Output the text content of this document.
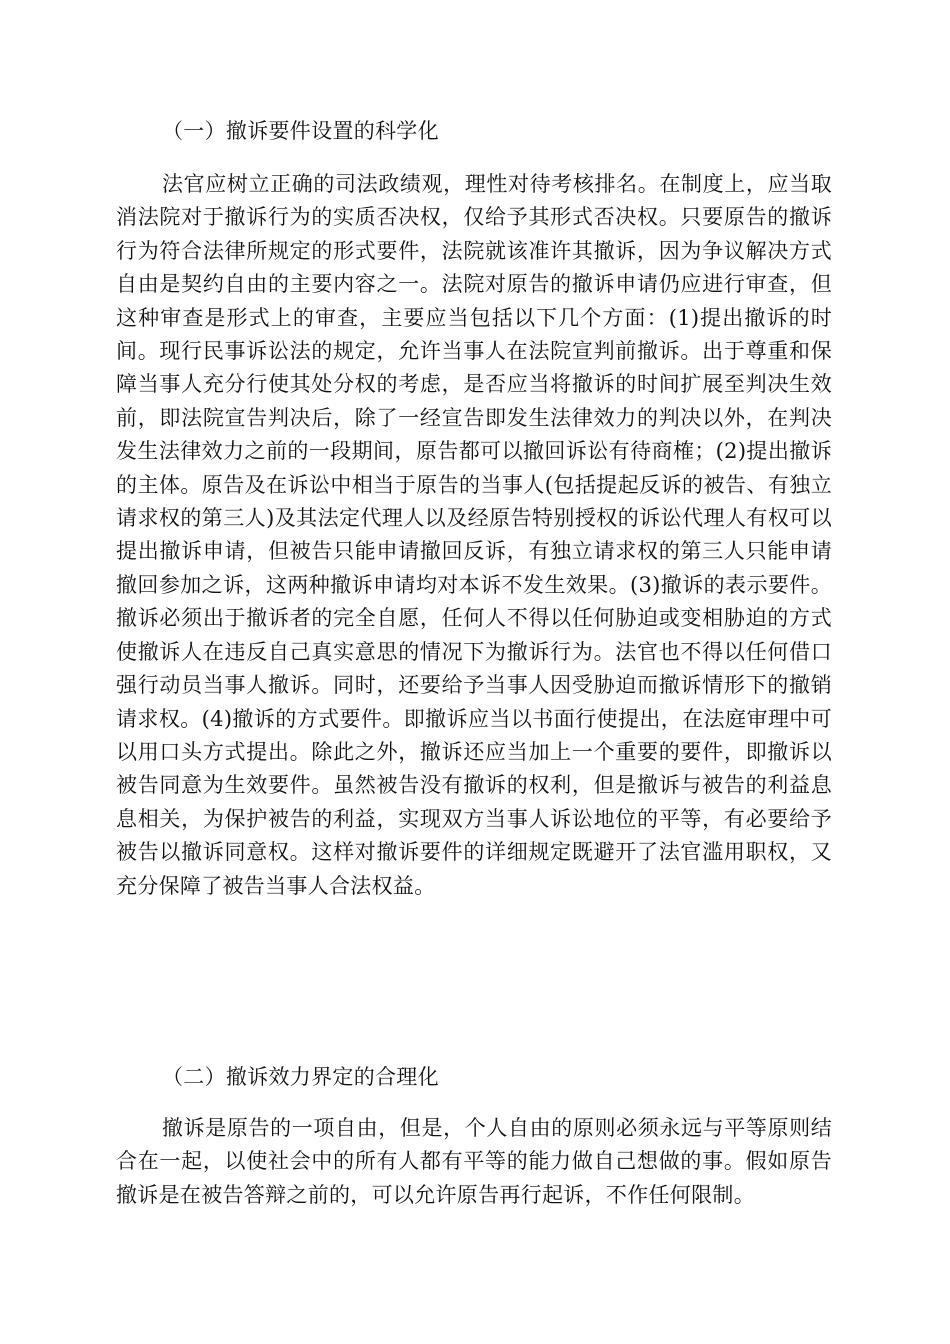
（一）撤诉要件设置的科学化

法官应树立正确的司法政绩观，理性对待考核排名。在制度上，应当取消法院对于撤诉行为的实质否决权，仅给予其形式否决权。只要原告的撤诉行为符合法律所规定的形式要件，法院就该准许其撤诉，因为争议解决方式自由是契约自由的主要内容之一。法院对原告的撤诉申请仍应进行审查，但这种审查是形式上的审查，主要应当包括以下几个方面：(1)提出撤诉的时间。现行民事诉讼法的规定，允许当事人在法院宣判前撤诉。出于尊重和保障当事人充分行使其处分权的考虑，是否应当将撤诉的时间扩展至判决生效前，即法院宣告判决后，除了一经宣告即发生法律效力的判决以外，在判决发生法律效力之前的一段期间，原告都可以撤回诉讼有待商榷；(2)提出撤诉的主体。原告及在诉讼中相当于原告的当事人(包括提起反诉的被告、有独立请求权的第三人)及其法定代理人以及经原告特别授权的诉讼代理人有权可以提出撤诉申请，但被告只能申请撤回反诉，有独立请求权的第三人只能申请撤回参加之诉，这两种撤诉申请均对本诉不发生效果。(3)撤诉的表示要件。撤诉必须出于撤诉者的完全自愿，任何人不得以任何胁迫或变相胁迫的方式使撤诉人在违反自己真实意思的情况下为撤诉行为。法官也不得以任何借口强行动员当事人撤诉。同时，还要给予当事人因受胁迫而撤诉情形下的撤销请求权。(4)撤诉的方式要件。即撤诉应当以书面行使提出，在法庭审理中可以用口头方式提出。除此之外，撤诉还应当加上一个重要的要件，即撤诉以被告同意为生效要件。虽然被告没有撤诉的权利，但是撤诉与被告的利益息息相关，为保护被告的利益，实现双方当事人诉讼地位的平等，有必要给予被告以撤诉同意权。这样对撤诉要件的详细规定既避开了法官滥用职权，又充分保障了被告当事人合法权益。

（二）撤诉效力界定的合理化

撤诉是原告的一项自由，但是，个人自由的原则必须永远与平等原则结合在一起，以使社会中的所有人都有平等的能力做自己想做的事。假如原告撤诉是在被告答辩之前的，可以允许原告再行起诉，不作任何限制。
